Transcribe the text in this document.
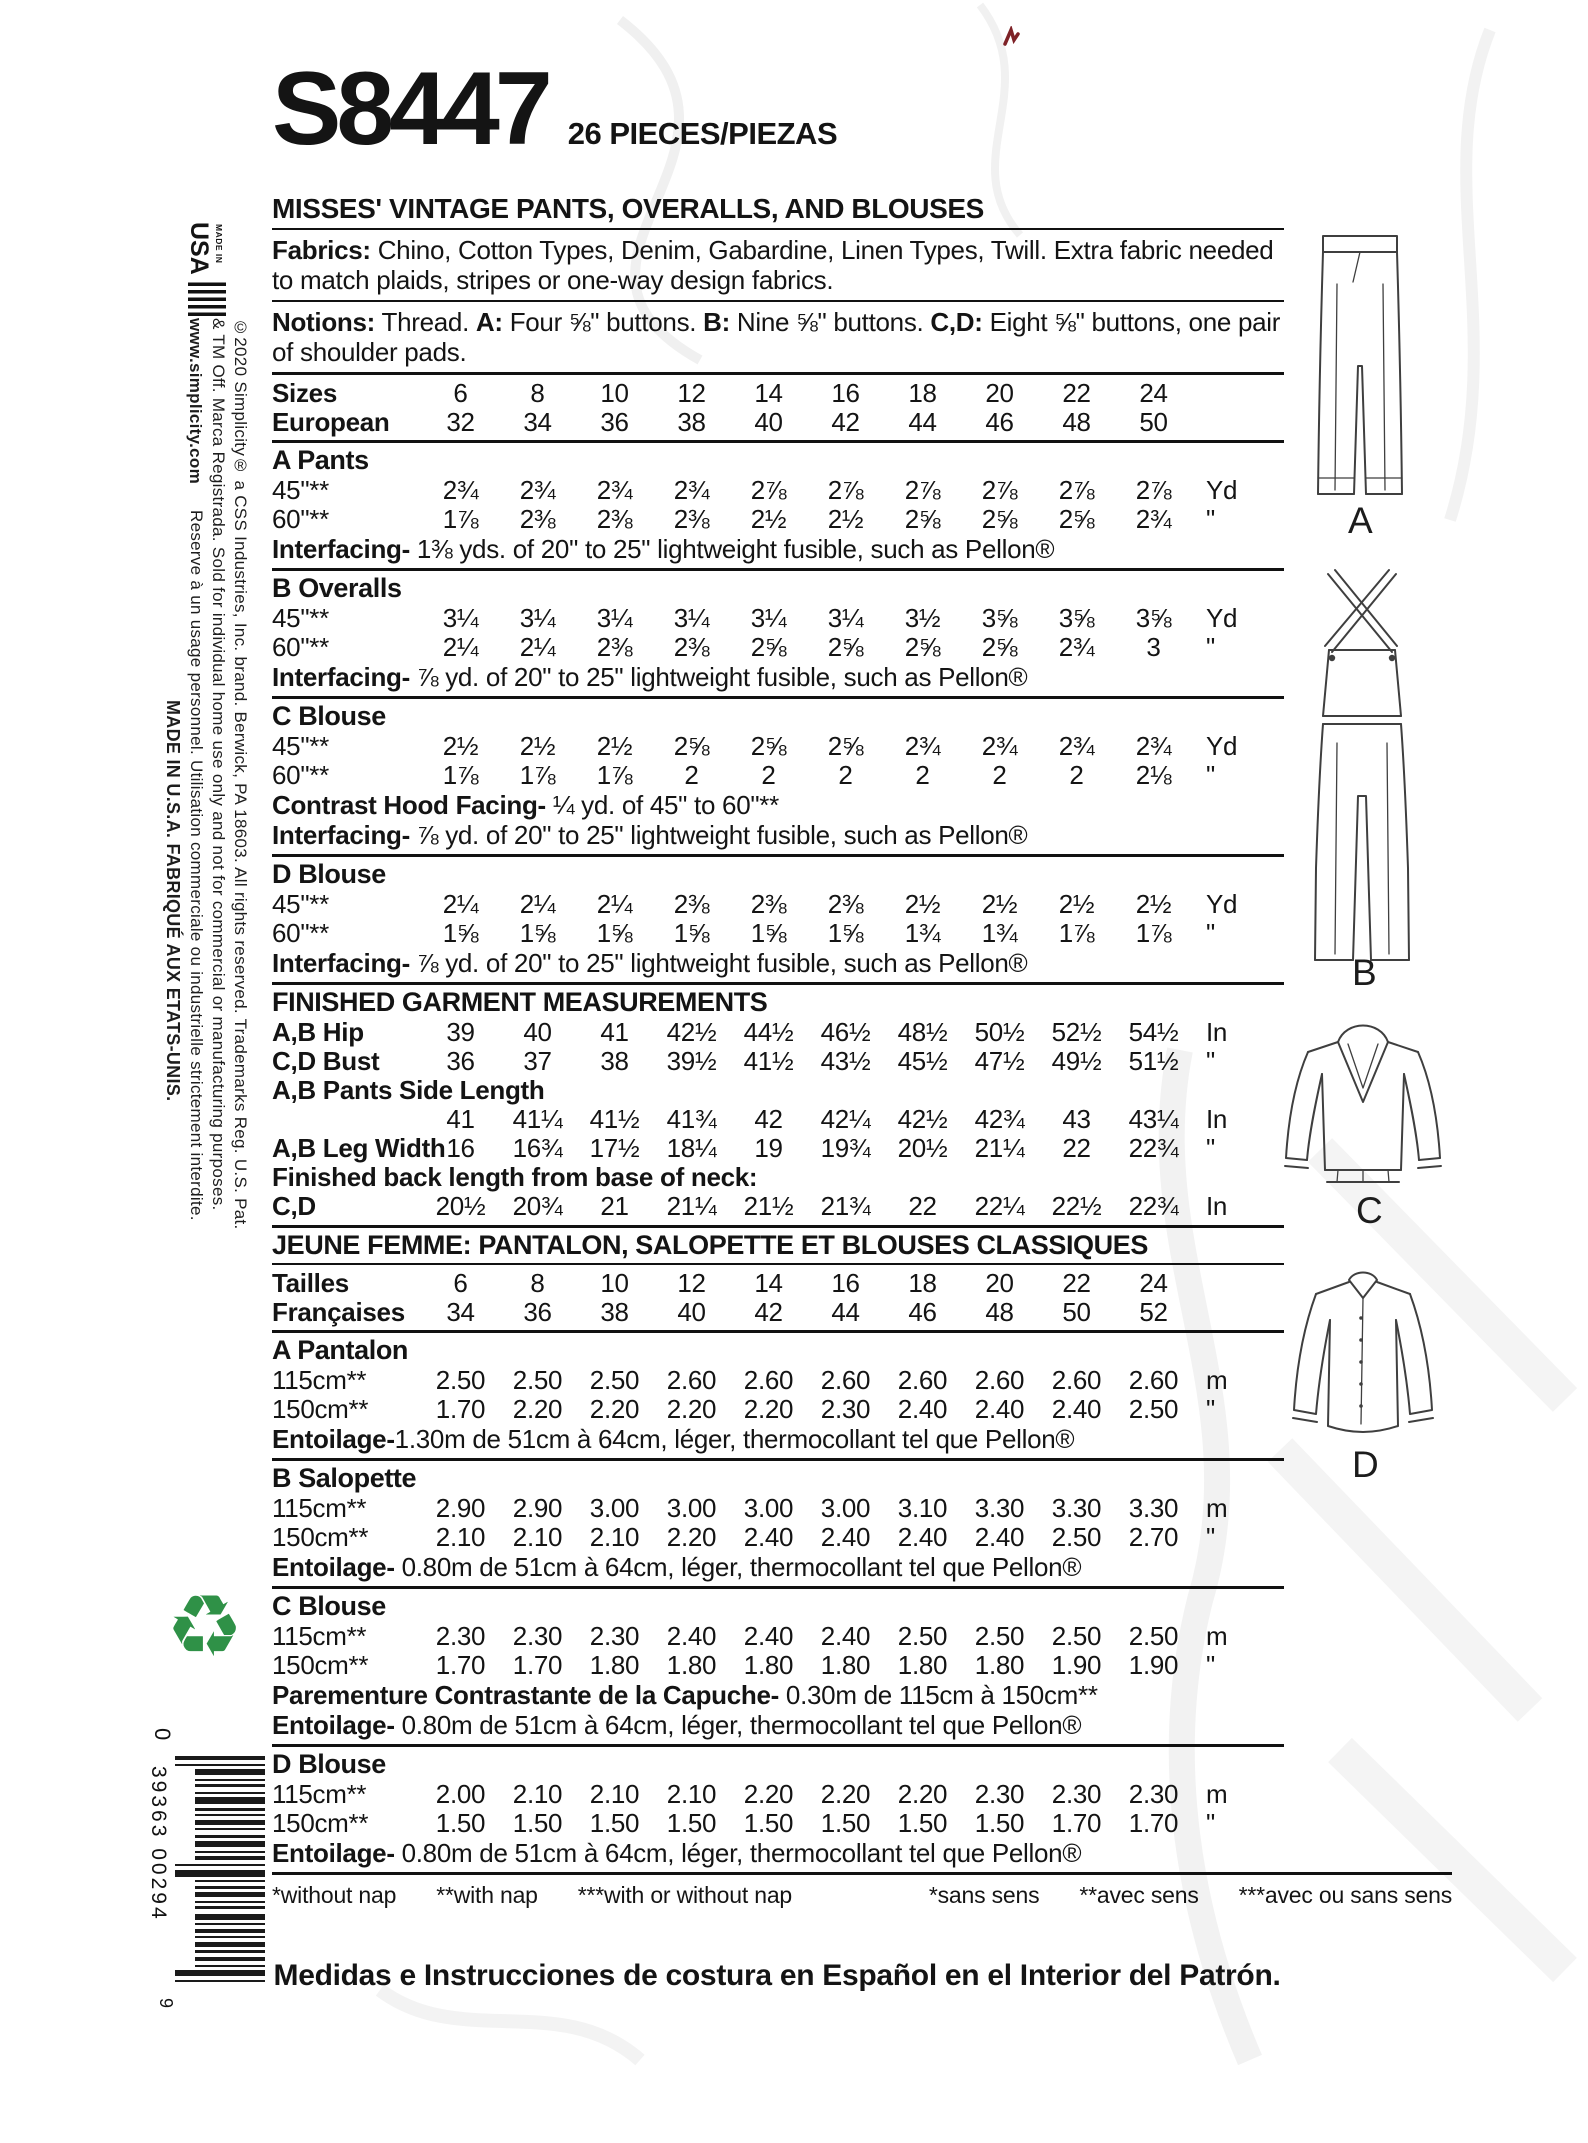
USA MADE IN
©2020 Simplicity® a CSS Industries, Inc. brand. Berwick, PA 18603. All rights reserved. Trademarks Reg. U.S. Pat.
& TM Off. Marca Registrada. Sold for individual home use only and not for commercial or manufacturing purposes.
www.simplicity.com
Reserve à un usage personnel. Utilisation commerciale ou industrielle strictement interdite.
MADE IN U.S.A. FABRIQUÉ AUX ETATS-UNIS.
♻
0
39363 00294
9
S8447 26 PIECES/PIEZAS
MISSES' VINTAGE PANTS, OVERALLS, AND BLOUSES

Fabrics: Chino, Cotton Types, Denim, Gabardine, Linen Types, Twill. Extra fabric needed to match plaids, stripes or one-way design fabrics.

Notions: Thread. A: Four ⅝" buttons. B: Nine ⅝" buttons. C,D: Eight ⅝" buttons, one pair of shoulder pads.

Sizes	6	8	10	12	14	16	18	20	22	24
European	32	34	36	38	40	42	44	46	48	50
A Pants
45"**	2¾	2¾	2¾	2¾	2⅞	2⅞	2⅞	2⅞	2⅞	2⅞	Yd
60"**	1⅞	2⅜	2⅜	2⅜	2½	2½	2⅝	2⅝	2⅝	2¾	"
Interfacing- 1⅜ yds. of 20" to 25" lightweight fusible, such as Pellon®
B Overalls
45"**	3¼	3¼	3¼	3¼	3¼	3¼	3½	3⅝	3⅝	3⅝	Yd
60"**	2¼	2¼	2⅜	2⅜	2⅝	2⅝	2⅝	2⅝	2¾	3	"
Interfacing- ⅞ yd. of 20" to 25" lightweight fusible, such as Pellon®
C Blouse
45"**	2½	2½	2½	2⅝	2⅝	2⅝	2¾	2¾	2¾	2¾	Yd
60"**	1⅞	1⅞	1⅞	2	2	2	2	2	2	2⅛	"
Contrast Hood Facing- ¼ yd. of 45" to 60"**
Interfacing- ⅞ yd. of 20" to 25" lightweight fusible, such as Pellon®
D Blouse
45"**	2¼	2¼	2¼	2⅜	2⅜	2⅜	2½	2½	2½	2½	Yd
60"**	1⅝	1⅝	1⅝	1⅝	1⅝	1⅝	1¾	1¾	1⅞	1⅞	"
Interfacing- ⅞ yd. of 20" to 25" lightweight fusible, such as Pellon®
FINISHED GARMENT MEASUREMENTS
A,B Hip	39	40	41	42½	44½	46½	48½	50½	52½	54½	In
C,D Bust	36	37	38	39½	41½	43½	45½	47½	49½	51½	"
A,B Pants Side Length
41	41¼	41½	41¾	42	42¼	42½	42¾	43	43¼	In
A,B Leg Width 16	16¾	17½	18¼	19	19¾	20½	21¼	22	22¾	"
Finished back length from base of neck:
C,D	20½	20¾	21	21¼	21½	21¾	22	22¼	22½	22¾	In
JEUNE FEMME: PANTALON, SALOPETTE ET BLOUSES CLASSIQUES
Tailles	6	8	10	12	14	16	18	20	22	24
Françaises	34	36	38	40	42	44	46	48	50	52
A Pantalon
115cm**	2.50	2.50	2.50	2.60	2.60	2.60	2.60	2.60	2.60	2.60	m
150cm**	1.70	2.20	2.20	2.20	2.20	2.30	2.40	2.40	2.40	2.50	"
Entoilage-1.30m de 51cm à 64cm, léger, thermocollant tel que Pellon®
B Salopette
115cm**	2.90	2.90	3.00	3.00	3.00	3.00	3.10	3.30	3.30	3.30	m
150cm**	2.10	2.10	2.10	2.20	2.40	2.40	2.40	2.40	2.50	2.70	"
Entoilage- 0.80m de 51cm à 64cm, léger, thermocollant tel que Pellon®
C Blouse
115cm**	2.30	2.30	2.30	2.40	2.40	2.40	2.50	2.50	2.50	2.50	m
150cm**	1.70	1.70	1.80	1.80	1.80	1.80	1.80	1.80	1.90	1.90	"
Parementure Contrastante de la Capuche- 0.30m de 115cm à 150cm**
Entoilage- 0.80m de 51cm à 64cm, léger, thermocollant tel que Pellon®
D Blouse
115cm**	2.00	2.10	2.10	2.10	2.20	2.20	2.20	2.30	2.30	2.30	m
150cm**	1.50	1.50	1.50	1.50	1.50	1.50	1.50	1.50	1.70	1.70	"
Entoilage- 0.80m de 51cm à 64cm, léger, thermocollant tel que Pellon®
*without nap **with nap ***with or without nap	*sans sens **avec sens ***avec ou sans sens
Medidas e Instrucciones de costura en Español en el Interior del Patrón.
A
B
C
D
